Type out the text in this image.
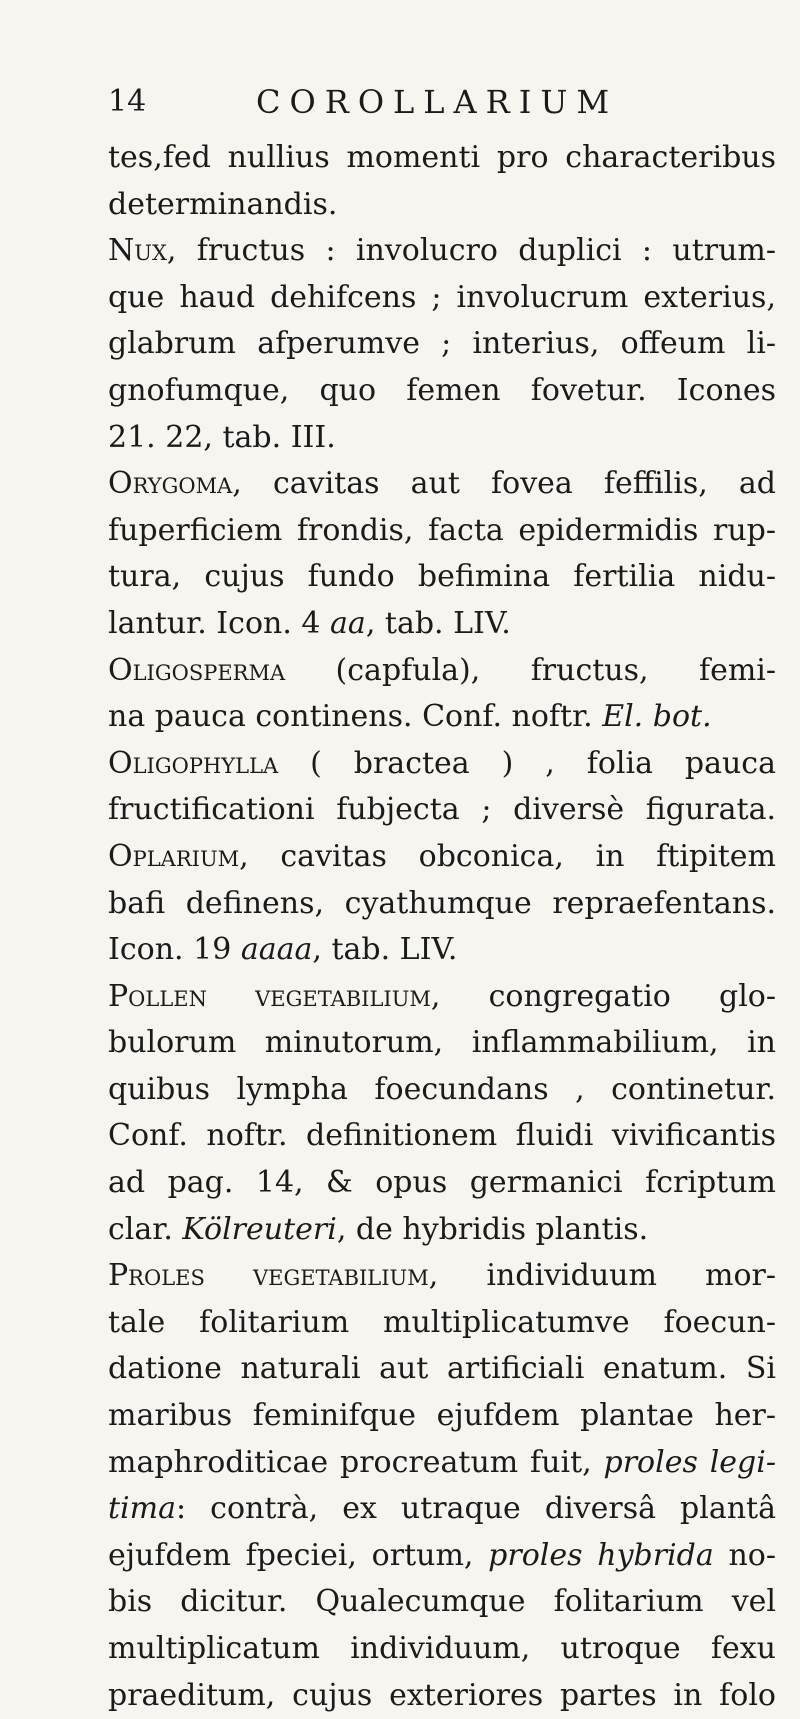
14	COROLLARIUM
tes,fed nullius momenti pro characteribus
determinandis.
Nux, fructus : involucro duplici : utrum-
que haud dehifcens ; involucrum exterius,
glabrum afperumve ; interius, offeum li-
gnofumque, quo femen fovetur. Icones
21. 22, tab. III.
Orygoma, cavitas aut fovea feffilis, ad
fuperficiem frondis, facta epidermidis rup-
tura, cujus fundo befimina fertilia nidu-
lantur. Icon. 4 aa, tab. LIV.
Oligosperma (capfula), fructus, femi-
na pauca continens. Conf. noftr. El. bot.
Oligophylla ( bractea ) , folia pauca
fructificationi fubjecta ; diversè figurata.
Oplarium, cavitas obconica, in ftipitem
bafi definens, cyathumque repraefentans.
Icon. 19 aaaa, tab. LIV.
Pollen vegetabilium, congregatio glo-
bulorum minutorum, inflammabilium, in
quibus lympha foecundans , continetur.
Conf. noftr. definitionem fluidi vivificantis
ad pag. 14, & opus germanici fcriptum
clar. Kölreuteri, de hybridis plantis.
Proles vegetabilium, individuum mor-
tale folitarium multiplicatumve foecun-
datione naturali aut artificiali enatum. Si
maribus feminifque ejufdem plantae her-
maphroditicae procreatum fuit, proles legi-
tima: contrà, ex utraque diversâ plantâ
ejufdem fpeciei, ortum, proles hybrida no-
bis dicitur. Qualecumque folitarium vel
multiplicatum individuum, utroque fexu
praeditum, cujus exteriores partes in folo
